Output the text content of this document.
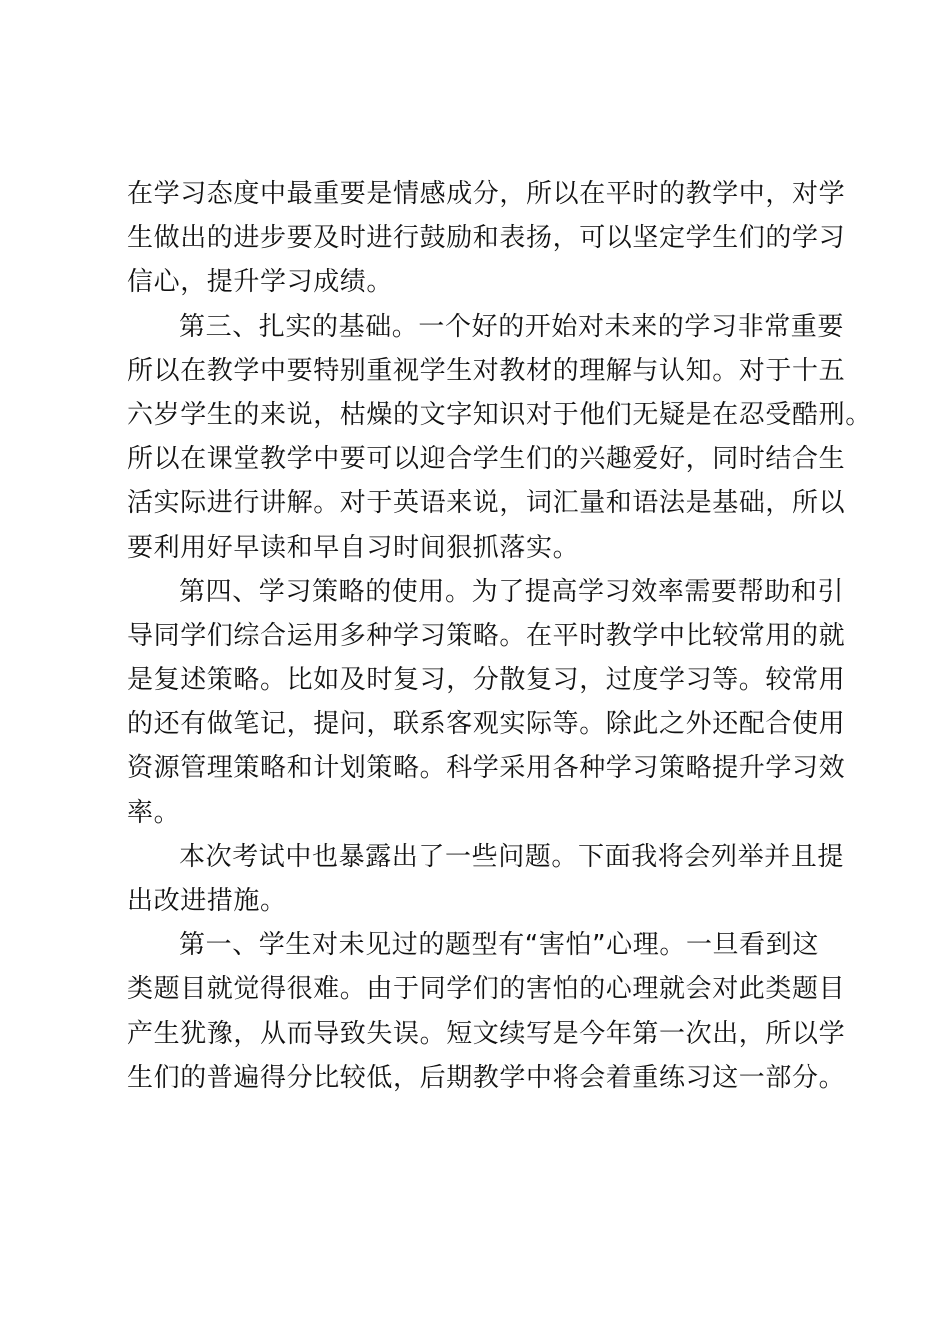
在学习态度中最重要是情感成分，所以在平时的教学中，对学
生做出的进步要及时进行鼓励和表扬，可以坚定学生们的学习
信心，提升学习成绩。

第三、扎实的基础。一个好的开始对未来的学习非常重要
所以在教学中要特别重视学生对教材的理解与认知。对于十五
六岁学生的来说，枯燥的文字知识对于他们无疑是在忍受酷刑。
所以在课堂教学中要可以迎合学生们的兴趣爱好，同时结合生
活实际进行讲解。对于英语来说，词汇量和语法是基础，所以
要利用好早读和早自习时间狠抓落实。

第四、学习策略的使用。为了提高学习效率需要帮助和引
导同学们综合运用多种学习策略。在平时教学中比较常用的就
是复述策略。比如及时复习，分散复习，过度学习等。较常用
的还有做笔记，提问，联系客观实际等。除此之外还配合使用
资源管理策略和计划策略。科学采用各种学习策略提升学习效
率。

本次考试中也暴露出了一些问题。下面我将会列举并且提
出改进措施。

第一、学生对未见过的题型有“害怕”心理。一旦看到这
类题目就觉得很难。由于同学们的害怕的心理就会对此类题目
产生犹豫，从而导致失误。短文续写是今年第一次出，所以学
生们的普遍得分比较低，后期教学中将会着重练习这一部分。
